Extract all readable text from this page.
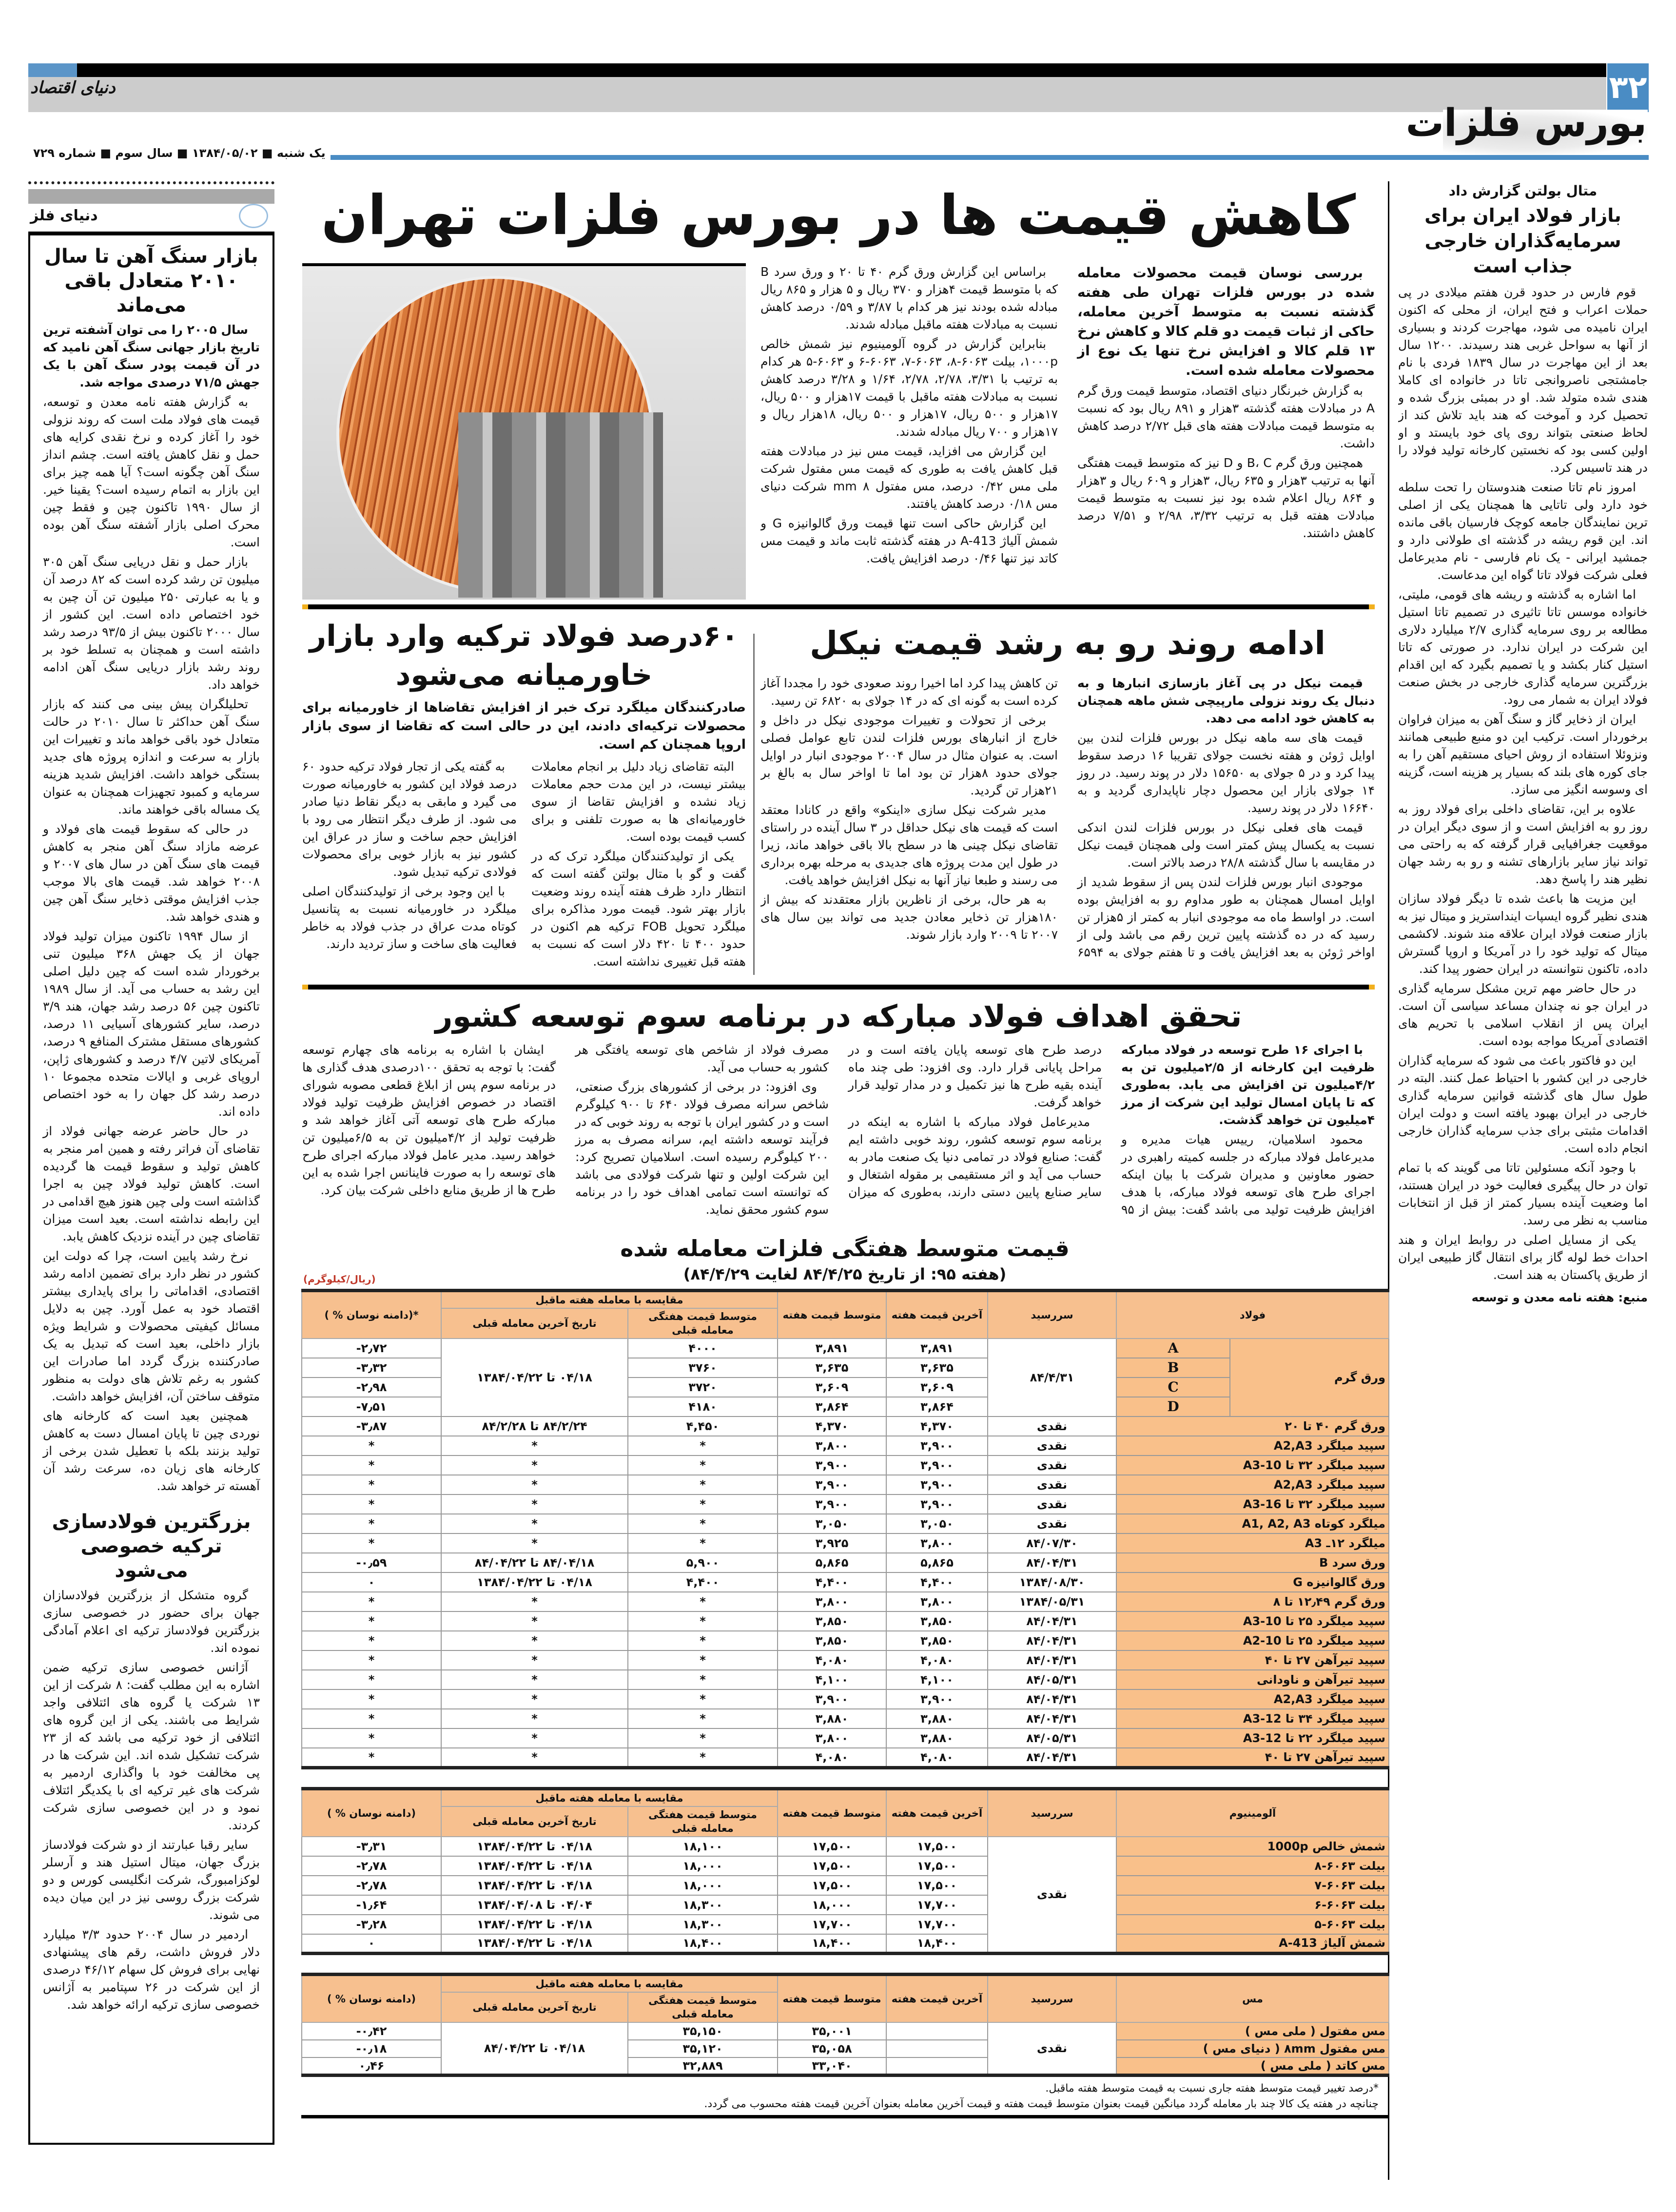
دنیای اقتصاد	۳۲
بورس فلزات
یک شنبه ■ ۱۳۸۴/۰۵/۰۲ ■ سال سوم ■ شماره ۷۲۹
دنیای فلز
بازار سنگ آهن تا سال ۲۰۱۰ متعادل باقی می‌ماند

سال ۲۰۰۵ را می توان آشفته ترین تاریخ بازار جهانی سنگ آهن نامید که در آن قیمت پودر سنگ آهن با یک جهش ۷۱/۵ درصدی مواجه شد.

به گزارش هفته نامه معدن و توسعه، قیمت های فولاد ملت است که روند نزولی خود را آغاز کرده و نرخ نقدی کرایه های حمل و نقل کاهش یافته است. چشم انداز سنگ آهن چگونه است؟ آیا همه چیز برای این بازار به اتمام رسیده است؟ یقینا خیر. از سال ۱۹۹۰ تاکنون چین و فقط چین محرک اصلی بازار آشفته سنگ آهن بوده است.

بازار حمل و نقل دریایی سنگ آهن ۳۰۵ میلیون تن رشد کرده است که ۸۲ درصد آن و یا به عبارتی ۲۵۰ میلیون تن آن چین به خود اختصاص داده است. این کشور از سال ۲۰۰۰ تاکنون بیش از ۹۳/۵ درصد رشد داشته است و همچنان به تسلط خود بر روند رشد بازار دریایی سنگ آهن ادامه خواهد داد.

تحلیلگران پیش بینی می کنند که بازار سنگ آهن حداکثر تا سال ۲۰۱۰ در حالت متعادل خود باقی خواهد ماند و تغییرات این بازار به سرعت و اندازه پروژه های جدید بستگی خواهد داشت. افزایش شدید هزینه سرمایه و کمبود تجهیزات همچنان به عنوان یک مساله باقی خواهند ماند.

در حالی که سقوط قیمت های فولاد و عرضه مازاد سنگ آهن منجر به کاهش قیمت های سنگ آهن در سال های ۲۰۰۷ و ۲۰۰۸ خواهد شد. قیمت های بالا موجب جذب افزایش موقتی ذخایر سنگ آهن چین و هندی خواهد شد.

از سال ۱۹۹۴ تاکنون میزان تولید فولاد جهان از یک جهش ۳۶۸ میلیون تنی برخوردار شده است که چین دلیل اصلی این رشد به حساب می آید. از سال ۱۹۸۹ تاکنون چین ۵۶ درصد رشد جهان، هند ۳/۹ درصد، سایر کشورهای آسیایی ۱۱ درصد، کشورهای مستقل مشترک المنافع ۹ درصد، آمریکای لاتین ۴/۷ درصد و کشورهای ژاپن، اروپای غربی و ایالات متحده مجموعا ۱۰ درصد رشد کل جهان را به خود اختصاص داده اند.

در حال حاضر عرضه جهانی فولاد از تقاضای آن فراتر رفته و همین امر منجر به کاهش تولید و سقوط قیمت ها گردیده است. کاهش تولید فولاد چین به اجرا گذاشته است ولی چین هنوز هیچ اقدامی در این رابطه نداشته است. بعید است میزان تقاضای چین در آینده نزدیک کاهش یابد.

نرخ رشد پایین است، چرا که دولت این کشور در نظر دارد برای تضمین ادامه رشد اقتصادی، اقداماتی را برای پایداری بیشتر اقتصاد خود به عمل آورد. چین به دلایل مسائل کیفیتی محصولات و شرایط ویژه بازار داخلی، بعید است که تبدیل به یک صادرکننده بزرگ گردد اما صادرات این کشور به رغم تلاش های دولت به منظور متوقف ساختن آن، افزایش خواهد داشت.

همچنین بعید است که کارخانه های نوردی چین تا پایان امسال دست به کاهش تولید بزنند بلکه با تعطیل شدن برخی از کارخانه های زیان ده، سرعت رشد آن آهسته تر خواهد شد.

بزرگترین فولادسازی ترکیه خصوصی می‌شود

گروه متشکل از بزرگترین فولادسازان جهان برای حضور در خصوصی سازی بزرگترین فولادساز ترکیه ای اعلام آمادگی نموده اند.

آژانس خصوصی سازی ترکیه ضمن اشاره به این مطلب گفت: ۸ شرکت از این ۱۳ شرکت یا گروه های ائتلافی واجد شرایط می باشند. یکی از این گروه های ائتلافی از خود ترکیه می باشد که از ۲۳ شرکت تشکیل شده اند. این شرکت ها در پی مخالفت خود با واگذاری اردمیر به شرکت های غیر ترکیه ای با یکدیگر ائتلاف نمود و در این خصوصی سازی شرکت کردند.

سایر رقبا عبارتند از دو شرکت فولادساز بزرگ جهان، میتال استیل هند و آرسلر لوکزامبورگ، شرکت انگلیسی کورس و دو شرکت بزرگ روسی نیز در این میان دیده می شوند.

اردمیر در سال ۲۰۰۴ حدود ۳/۳ میلیارد دلار فروش داشت، رقم های پیشنهادی نهایی برای فروش کل سهام ۴۶/۱۲ درصدی از این شرکت در ۲۶ سپتامبر به آژانس خصوصی سازی ترکیه ارائه خواهد شد.

متال بولتن گزارش داد
بازار فولاد ایران برای سرمایه‌گذاران خارجی جذاب است

قوم فارس در حدود قرن هفتم میلادی در پی حملات اعراب و فتح ایران، از محلی که اکنون ایران نامیده می شود، مهاجرت کردند و بسیاری از آنها به سواحل غربی هند رسیدند. ۱۲۰۰ سال بعد از این مهاجرت در سال ۱۸۳۹ فردی با نام جامشتجی ناصروانجی تاتا در خانواده ای کاملا هندی شده متولد شد. او در بمبئی بزرگ شده و تحصیل کرد و آموخت که هند باید تلاش کند از لحاظ صنعتی بتواند روی پای خود بایستد و او اولین کسی بود که نخستین کارخانه تولید فولاد را در هند تاسیس کرد.

امروز نام تاتا صنعت هندوستان را تحت سلطه خود دارد ولی تاتایی ها همچنان یکی از اصلی ترین نمایندگان جامعه کوچک فارسیان باقی مانده اند. این قوم ریشه در گذشته ای طولانی دارد و جمشید ایرانی - یک نام فارسی - نام مدیرعامل فعلی شرکت فولاد تاتا گواه این مدعاست.

اما اشاره به گذشته و ریشه های قومی، ملیتی، خانواده موسس تاتا تاثیری در تصمیم تاتا استیل مطالعه بر روی سرمایه گذاری ۲/۷ میلیارد دلاری این شرکت در ایران ندارد. در صورتی که تاتا استیل کنار بکشد و یا تصمیم بگیرد که این اقدام بزرگترین سرمایه گذاری خارجی در بخش صنعت فولاد ایران به شمار می رود.

ایران از ذخایر گاز و سنگ آهن به میزان فراوان برخوردار است. ترکیب این دو منبع طبیعی همانند ونزوئلا استفاده از روش احیای مستقیم آهن را به جای کوره های بلند که بسیار پر هزینه است، گزینه ای وسوسه انگیز می سازد.

علاوه بر این، تقاضای داخلی برای فولاد روز به روز رو به افزایش است و از سوی دیگر ایران در موقعیت جغرافیایی قرار گرفته که به راحتی می تواند نیاز سایر بازارهای تشنه و رو به رشد جهان نظیر هند را پاسخ دهد.

این مزیت ها باعث شده تا دیگر فولاد سازان هندی نظیر گروه ایسپات اینداستریز و میتال نیز به بازار صنعت فولاد ایران علاقه مند شوند. لاکشمی میتال که تولید خود را در آمریکا و اروپا گسترش داده، تاکنون نتوانسته در ایران حضور پیدا کند.

در حال حاضر مهم ترین مشکل سرمایه گذاری در ایران جو نه چندان مساعد سیاسی آن است. ایران پس از انقلاب اسلامی با تحریم های اقتصادی آمریکا مواجه بوده است.

این دو فاکتور باعث می شود که سرمایه گذاران خارجی در این کشور با احتیاط عمل کنند. البته در طول سال های گذشته قوانین سرمایه گذاری خارجی در ایران بهبود یافته است و دولت ایران اقدامات مثبتی برای جذب سرمایه گذاران خارجی انجام داده است.

با وجود آنکه مسئولین تاتا می گویند که با تمام توان در حال پیگیری فعالیت خود در ایران هستند، اما وضعیت آینده بسیار کمتر از قبل از انتخابات مناسب به نظر می رسد.

یکی از مسایل اصلی در روابط ایران و هند احداث خط لوله گاز برای انتقال گاز طبیعی ایران از طریق پاکستان به هند است.

منبع: هفته نامه معدن و توسعه
کاهش قیمت ها در بورس فلزات تهران

بررسی نوسان قیمت محصولات معامله شده در بورس فلزات تهران طی هفته گذشته نسبت به متوسط آخرین معامله، حاکی از ثبات قیمت دو قلم کالا و کاهش نرخ ۱۳ قلم کالا و افزایش نرخ تنها یک نوع از محصولات معامله شده است.

به گزارش خبرنگار دنیای اقتصاد، متوسط قیمت ورق گرم A در مبادلات هفته گذشته ۳هزار و ۸۹۱ ریال بود که نسبت به متوسط قیمت مبادلات هفته های قبل ۲/۷۲ درصد کاهش داشت.

همچنین ورق گرم B، C و D نیز که متوسط قیمت هفتگی آنها به ترتیب ۳هزار و ۶۳۵ ریال، ۳هزار و ۶۰۹ ریال و ۳هزار و ۸۶۴ ریال اعلام شده بود نیز نسبت به متوسط قیمت مبادلات هفته قبل به ترتیب ۳/۳۲، ۲/۹۸ و ۷/۵۱ درصد کاهش داشتند.

براساس این گزارش ورق گرم ۴۰ تا ۲۰ و ورق سرد B که با متوسط قیمت ۴هزار و ۳۷۰ ریال و ۵ هزار و ۸۶۵ ریال مبادله شده بودند نیز هر کدام با ۳/۸۷ و ۰/۵۹ درصد کاهش نسبت به مبادلات هفته ماقبل مبادله شدند.

بنابراین گزارش در گروه آلومینیوم نیز شمش خالص ۱۰۰۰p، بیلت ۶۰۶۳-۸، ۶۰۶۳-۷، ۶۰۶۳-۶ و ۶۰۶۳-۵ هر کدام به ترتیب با ۳/۳۱، ۲/۷۸، ۲/۷۸، ۱/۶۴ و ۳/۲۸ درصد کاهش نسبت به مبادلات هفته ماقبل با قیمت ۱۷هزار و ۵۰۰ ریال، ۱۷هزار و ۵۰۰ ریال، ۱۷هزار و ۵۰۰ ریال، ۱۸هزار ریال و ۱۷هزار و ۷۰۰ ریال مبادله شدند.

این گزارش می افزاید، قیمت مس نیز در مبادلات هفته قبل کاهش یافت به طوری که قیمت مس مفتول شرکت ملی مس ۰/۴۲ درصد، مس مفتول ۸ mm شرکت دنیای مس ۰/۱۸ درصد کاهش یافتند.

این گزارش حاکی است تنها قیمت ورق گالوانیزه G و شمش آلیاژ A-413 در هفته گذشته ثابت ماند و قیمت مس کاتد نیز تنها ۰/۴۶ درصد افزایش یافت.

ادامه روند رو به رشد قیمت نیکل

قیمت نیکل در پی آغاز بازسازی انبارها و به دنبال یک روند نزولی مارپیچی شش ماهه همچنان به کاهش خود ادامه می دهد.

قیمت های سه ماهه نیکل در بورس فلزات لندن بین اوایل ژوئن و هفته نخست جولای تقریبا ۱۶ درصد سقوط پیدا کرد و در ۵ جولای به ۱۵۶۵۰ دلار در پوند رسید. در روز ۱۴ جولای بازار این محصول دچار ناپایداری گردید و به ۱۶۶۴۰ دلار در پوند رسید.

قیمت های فعلی نیکل در بورس فلزات لندن اندکی نسبت به یکسال پیش کمتر است ولی همچنان قیمت نیکل در مقایسه با سال گذشته ۲۸/۸ درصد بالاتر است.

موجودی انبار بورس فلزات لندن پس از سقوط شدید از اوایل امسال همچنان به طور مداوم رو به افزایش بوده است. در اواسط ماه مه موجودی انبار به کمتر از ۵هزار تن رسید که در ده گذشته پایین ترین رقم می باشد ولی از اواخر ژوئن به بعد افزایش یافت و تا هفتم جولای به ۶۵۹۴ تن کاهش پیدا کرد اما اخیرا روند صعودی خود را مجددا آغاز کرده است به گونه ای که در ۱۴ جولای به ۶۸۲۰ تن رسید.

برخی از تحولات و تغییرات موجودی نیکل در داخل و خارج از انبارهای بورس فلزات لندن تابع عوامل فصلی است. به عنوان مثال در سال ۲۰۰۴ موجودی انبار در اوایل جولای حدود ۸هزار تن بود اما تا اواخر سال به بالغ بر ۲۱هزار تن گردید.

مدیر شرکت نیکل سازی «اینکو» واقع در کانادا معتقد است که قیمت های نیکل حداقل در ۳ سال آینده در راستای تقاضای نیکل چینی ها در سطح بالا باقی خواهد ماند، زیرا در طول این مدت پروژه های جدیدی به مرحله بهره برداری می رسند و طبعا نیاز آنها به نیکل افزایش خواهد یافت.

به هر حال، برخی از ناظرین بازار معتقدند که بیش از ۱۸۰هزار تن ذخایر معادن جدید می تواند بین سال های ۲۰۰۷ تا ۲۰۰۹ وارد بازار شوند.

۶۰درصد فولاد ترکیه وارد بازار خاورمیانه می‌شود
صادرکنندگان میلگرد ترک خبر از افزایش تقاضاها از خاورمیانه برای محصولات ترکیه‌ای دادند، این در حالی است که تقاضا از سوی بازار اروپا همچنان کم است.

البته تقاضای زیاد دلیل بر انجام معاملات بیشتر نیست، در این مدت حجم معاملات زیاد نشده و افزایش تقاضا از سوی خاورمیانه‌ای ها به صورت تلفنی و برای کسب قیمت بوده است.

یکی از تولیدکنندگان میلگرد ترک که در گفت و گو با متال بولتن گفته است که انتظار دارد ظرف هفته آینده روند وضعیت بازار بهتر شود. قیمت مورد مذاکره برای میلگرد تحویل FOB ترکیه هم اکنون در حدود ۴۰۰ تا ۴۲۰ دلار است که نسبت به هفته قبل تغییری نداشته است.

به گفته یکی از تجار فولاد ترکیه حدود ۶۰ درصد فولاد این کشور به خاورمیانه صورت می گیرد و مابقی به دیگر نقاط دنیا صادر می شود. از طرف دیگر انتظار می رود با افزایش حجم ساخت و ساز در عراق این کشور نیز به بازار خوبی برای محصولات فولادی ترکیه تبدیل شود.

با این وجود برخی از تولیدکنندگان اصلی میلگرد در خاورمیانه نسبت به پتانسیل کوتاه مدت عراق در جذب فولاد به خاطر فعالیت های ساخت و ساز تردید دارند.

تحقق اهداف فولاد مبارکه در برنامه سوم توسعه کشور

با اجرای ۱۶ طرح توسعه در فولاد مبارکه ظرفیت این کارخانه از ۲/۵میلیون تن به ۴/۲میلیون تن افزایش می یابد. به‌طوری که تا پایان امسال تولید این شرکت از مرز ۴میلیون تن خواهد گذشت.

محمود اسلامیان، رییس هیات مدیره و مدیرعامل فولاد مبارکه در جلسه کمیته راهبری در حضور معاونین و مدیران شرکت با بیان اینکه اجرای طرح های توسعه فولاد مبارکه، با هدف افزایش ظرفیت تولید می باشد گفت: بیش از ۹۵ درصد طرح های توسعه پایان یافته است و در مراحل پایانی قرار دارد. وی افزود: طی چند ماه آینده بقیه طرح ها نیز تکمیل و در مدار تولید قرار خواهد گرفت.

مدیرعامل فولاد مبارکه با اشاره به اینکه در برنامه سوم توسعه کشور، روند خوبی داشته ایم گفت: صنایع فولاد در تمامی دنیا یک صنعت مادر به حساب می آید و اثر مستقیمی بر مقوله اشتغال و سایر صنایع پایین دستی دارند، به‌طوری که میزان مصرف فولاد از شاخص های توسعه یافتگی هر کشور به حساب می آید.

وی افزود: در برخی از کشورهای بزرگ صنعتی، شاخص سرانه مصرف فولاد ۶۴۰ تا ۹۰۰ کیلوگرم است و در کشور ایران با توجه به روند خوبی که در فرآیند توسعه داشته ایم، سرانه مصرف به مرز ۲۰۰ کیلوگرم رسیده است. اسلامیان تصریح کرد: این شرکت اولین و تنها شرکت فولادی می باشد که توانسته است تمامی اهداف خود را در برنامه سوم کشور محقق نماید.

ایشان با اشاره به برنامه های چهارم توسعه گفت: با توجه به تحقق ۱۰۰درصدی هدف گذاری ها در برنامه سوم پس از ابلاغ قطعی مصوبه شورای اقتصاد در خصوص افزایش ظرفیت تولید فولاد مبارکه طرح های توسعه آتی آغاز خواهد شد و ظرفیت تولید از ۴/۲میلیون تن به ۶/۵میلیون تن خواهد رسید. مدیر عامل فولاد مبارکه اجرای طرح های توسعه را به صورت فاینانس اجرا شده به این طرح ها از طریق منابع داخلی شرکت بیان کرد.

قیمت متوسط هفتگی فلزات معامله شده
(هفته ۹۵: از تاریخ ۸۴/۴/۲۵ لغایت ۸۴/۴/۲۹)
(ریال/کیلوگرم)
فولاد		سررسید	آخرین قیمت هفته	متوسط قیمت هفته	مقایسه با معامله هفته ماقبل		*(دامنه نوسان % )
					متوسط قیمت هفتگی معامله قبلی	تاریخ آخرین معامله قبلی	
ورق گرم	A	۸۴/۴/۳۱	۳,۸۹۱	۳,۸۹۱	۴۰۰۰	۰۴/۱۸ تا ۱۳۸۴/۰۴/۲۲	-۲٫۷۲
	B		۳,۶۳۵	۳,۶۳۵	۳۷۶۰		-۳٫۳۲
	C		۳,۶۰۹	۳,۶۰۹	۳۷۲۰		-۲٫۹۸
	D		۳,۸۶۴	۳,۸۶۴	۴۱۸۰		-۷٫۵۱
ورق گرم ۴۰ تا ۲۰		نقدی	۴,۳۷۰	۴,۳۷۰	۴,۴۵۰	۸۴/۲/۲۴ تا ۸۴/۲/۲۸	-۳٫۸۷
سپید میلگرد A2,A3		نقدی	۳,۹۰۰	۳,۸۰۰	*	*	*
سپید میلگرد ۳۲ تا A3-10		نقدی	۳,۹۰۰	۳,۹۰۰	*	*	*
سپید میلگرد A2,A3		نقدی	۳,۹۰۰	۳,۹۰۰	*	*	*
سپید میلگرد ۳۲ تا A3-16		نقدی	۳,۹۰۰	۳,۹۰۰	*	*	*
میلگرد کوتاه A1, A2, A3		نقدی	۳,۰۵۰	۳,۰۵۰	*	*	*
میلگرد ۱۲ـ A3		۸۴/۰۷/۳۰	۳,۸۰۰	۳,۹۲۵	*	*	*
ورق سرد B		۸۴/۰۴/۳۱	۵,۸۶۵	۵,۸۶۵	۵,۹۰۰	۸۴/۰۴/۱۸ تا ۸۴/۰۴/۲۲	-۰٫۵۹
ورق گالوانیزه G		۱۳۸۴/۰۸/۳۰	۴,۴۰۰	۴,۴۰۰	۴,۴۰۰	۰۴/۱۸ تا ۱۳۸۴/۰۴/۲۲	۰
ورق گرم ۱۲٫۴۹ تا ۸		۱۳۸۴/۰۵/۳۱	۳,۸۰۰	۳,۸۰۰	*	*	*
سپید میلگرد ۲۵ تا A3-10		۸۴/۰۴/۳۱	۳,۸۵۰	۳,۸۵۰	*	*	*
سپید میلگرد ۲۵ تا A2-10		۸۴/۰۴/۳۱	۳,۸۵۰	۳,۸۵۰	*	*	*
سپید تیرآهن ۲۷ تا ۴۰		۸۴/۰۴/۳۱	۴,۰۸۰	۴,۰۸۰	*	*	*
سپید تیرآهن و ناودانی		۸۴/۰۵/۳۱	۴,۱۰۰	۴,۱۰۰	*	*	*
سپید میلگرد A2,A3		۸۴/۰۴/۳۱	۳,۹۰۰	۳,۹۰۰	*	*	*
سپید میلگرد ۳۴ تا A3-12		۸۴/۰۴/۳۱	۳,۸۸۰	۳,۸۸۰	*	*	*
سپید میلگرد ۲۲ تا A3-12		۸۴/۰۵/۳۱	۳,۸۸۰	۳,۸۰۰	*	*	*
سپید تیرآهن ۲۷ تا ۴۰		۸۴/۰۴/۳۱	۴,۰۸۰	۴,۰۸۰	*	*	*
آلومینیوم	سررسید	آخرین قیمت هفته	متوسط قیمت هفته	مقایسه با معامله هفته ماقبل		(دامنه نوسان % )
				متوسط قیمت هفتگی معامله قبلی	تاریخ آخرین معامله قبلی	
شمش خالص 1000p	نقدی	۱۷,۵۰۰	۱۷,۵۰۰	۱۸,۱۰۰	۰۴/۱۸ تا ۱۳۸۴/۰۴/۲۲	-۳٫۳۱
بیلت ۶۰۶۳-۸		۱۷,۵۰۰	۱۷,۵۰۰	۱۸,۰۰۰	۰۴/۱۸ تا ۱۳۸۴/۰۴/۲۲	-۲٫۷۸
بیلت ۶۰۶۳-۷		۱۷,۵۰۰	۱۷,۵۰۰	۱۸,۰۰۰	۰۴/۱۸ تا ۱۳۸۴/۰۴/۲۲	-۲٫۷۸
بیلت ۶۰۶۳-۶		۱۷,۷۰۰	۱۸,۰۰۰	۱۸,۳۰۰	۰۴/۰۴ تا ۱۳۸۴/۰۴/۰۸	-۱٫۶۴
بیلت ۶۰۶۳-۵		۱۷,۷۰۰	۱۷,۷۰۰	۱۸,۳۰۰	۰۴/۱۸ تا ۱۳۸۴/۰۴/۲۲	-۳٫۲۸
شمش آلیاژ A-413		۱۸,۴۰۰	۱۸,۴۰۰	۱۸,۴۰۰	۰۴/۱۸ تا ۱۳۸۴/۰۴/۲۲	۰
مس	سررسید	آخرین قیمت هفته	متوسط قیمت هفته	مقایسه با معامله هفته ماقبل		(دامنه نوسان % )
				متوسط قیمت هفتگی معامله قبلی	تاریخ آخرین معامله قبلی	
مس مفتول ( ملی مس )	نقدی		۳۵,۰۰۱	۳۵,۱۵۰	۰۴/۱۸ تا ۸۴/۰۴/۲۲	-۰٫۴۲
مس مفتول ۸mm ( دنیای مس )			۳۵,۰۵۸	۳۵,۱۲۰		-۰٫۱۸
مس کاتد ( ملی مس )			۳۳,۰۴۰	۳۲,۸۸۹		۰٫۴۶
*درصد تغییر قیمت متوسط هفته جاری نسبت به قیمت متوسط هفته ماقبل.
چنانچه در هفته یک کالا چند بار معامله گردد میانگین قیمت بعنوان متوسط قیمت هفته و قیمت آخرین معامله بعنوان آخرین قیمت هفته محسوب می گردد.
